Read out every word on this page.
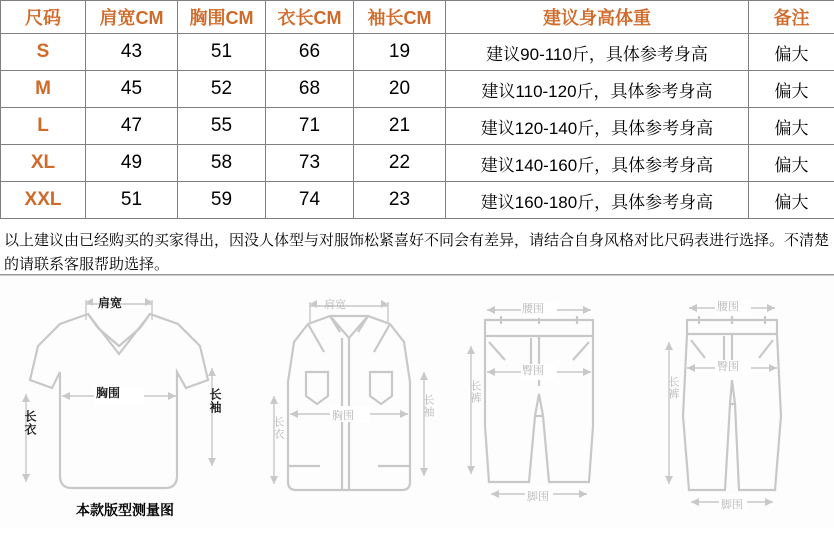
尺码	肩宽CM	胸围CM	衣长CM	袖长CM	建议身高体重	备注
S	43	51	66	19	建议90-110斤，具体参考身高	偏大
M	45	52	68	20	建议110-120斤，具体参考身高	偏大
L	47	55	71	21	建议120-140斤，具体参考身高	偏大
XL	49	58	73	22	建议140-160斤，具体参考身高	偏大
XXL	51	59	74	23	建议160-180斤，具体参考身高	偏大
以上建议由已经购买的买家得出，因没人体型与对服饰松紧喜好不同会有差异，请结合自身风格对比尺码表进行选择。不清楚的请联系客服帮助选择。
肩宽
胸围
长衣
长袖
本款版型测量图
肩宽
胸围
长衣
长袖
腰围
臀围
长裤
脚围
腰围
臀围
长裤
脚围
